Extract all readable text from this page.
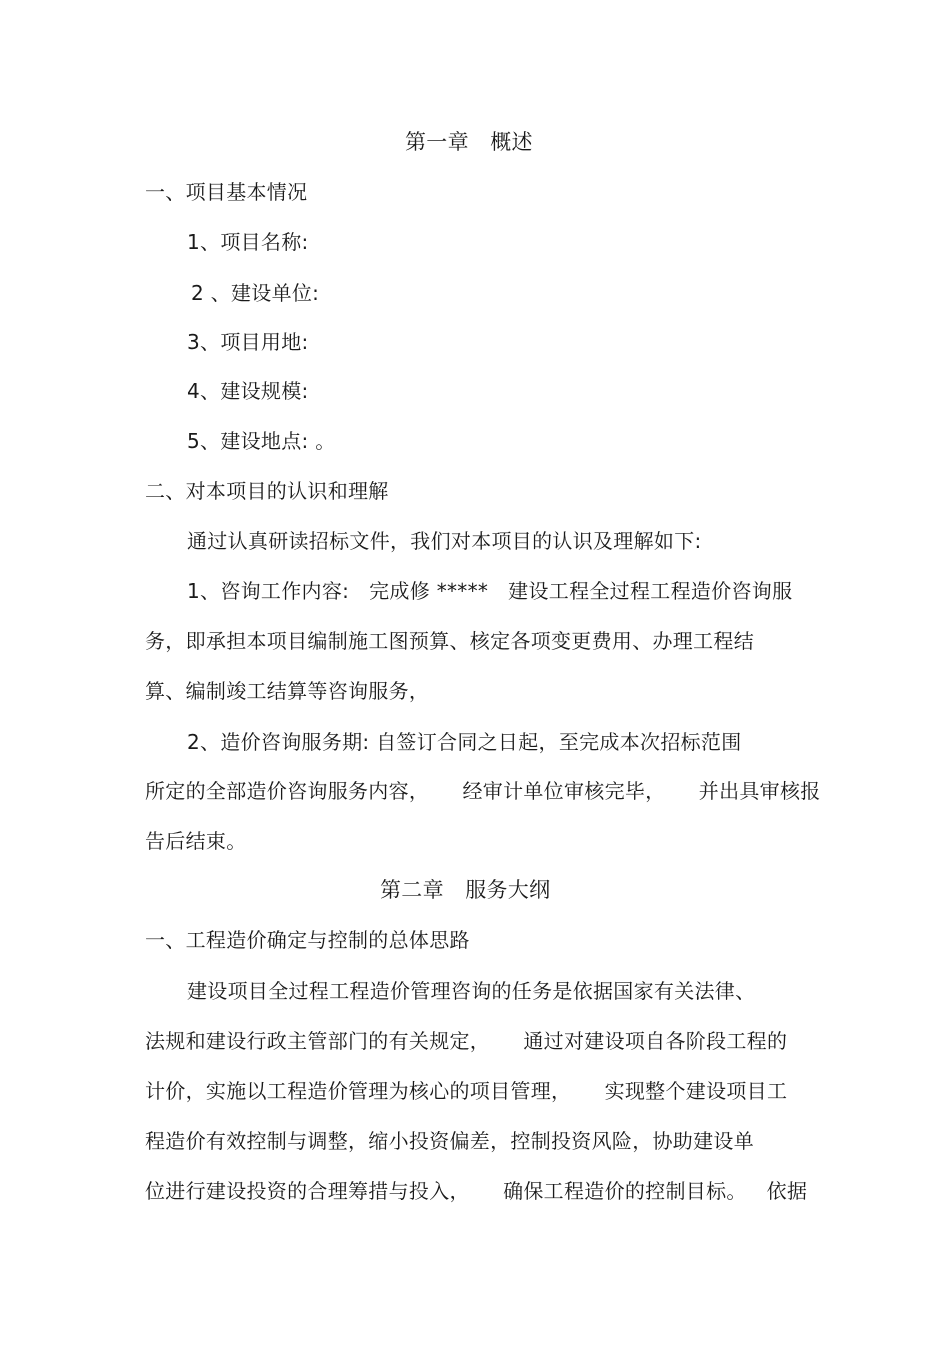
第一章　概述
一、项目基本情况
1、项目名称:
2 、建设单位:
3、项目用地:
4、建设规模:
5、建设地点: 。
二、对本项目的认识和理解
通过认真研读招标文件，我们对本项目的认识及理解如下:
1、咨询工作内容:   完成修 *****   建设工程全过程工程造价咨询服
务，即承担本项目编制施工图预算、核定各项变更费用、办理工程结
算、编制竣工结算等咨询服务，
2、造价咨询服务期: 自签订合同之日起，至完成本次招标范围
所定的全部造价咨询服务内容，     经审计单位审核完毕，     并出具审核报
告后结束。
第二章　服务大纲
一、工程造价确定与控制的总体思路
建设项目全过程工程造价管理咨询的任务是依据国家有关法律、
法规和建设行政主管部门的有关规定，     通过对建设项自各阶段工程的
计价，实施以工程造价管理为核心的项目管理，     实现整个建设项目工
程造价有效控制与调整，缩小投资偏差，控制投资风险，协助建设单
位进行建设投资的合理筹措与投入，     确保工程造价的控制目标。   依据
